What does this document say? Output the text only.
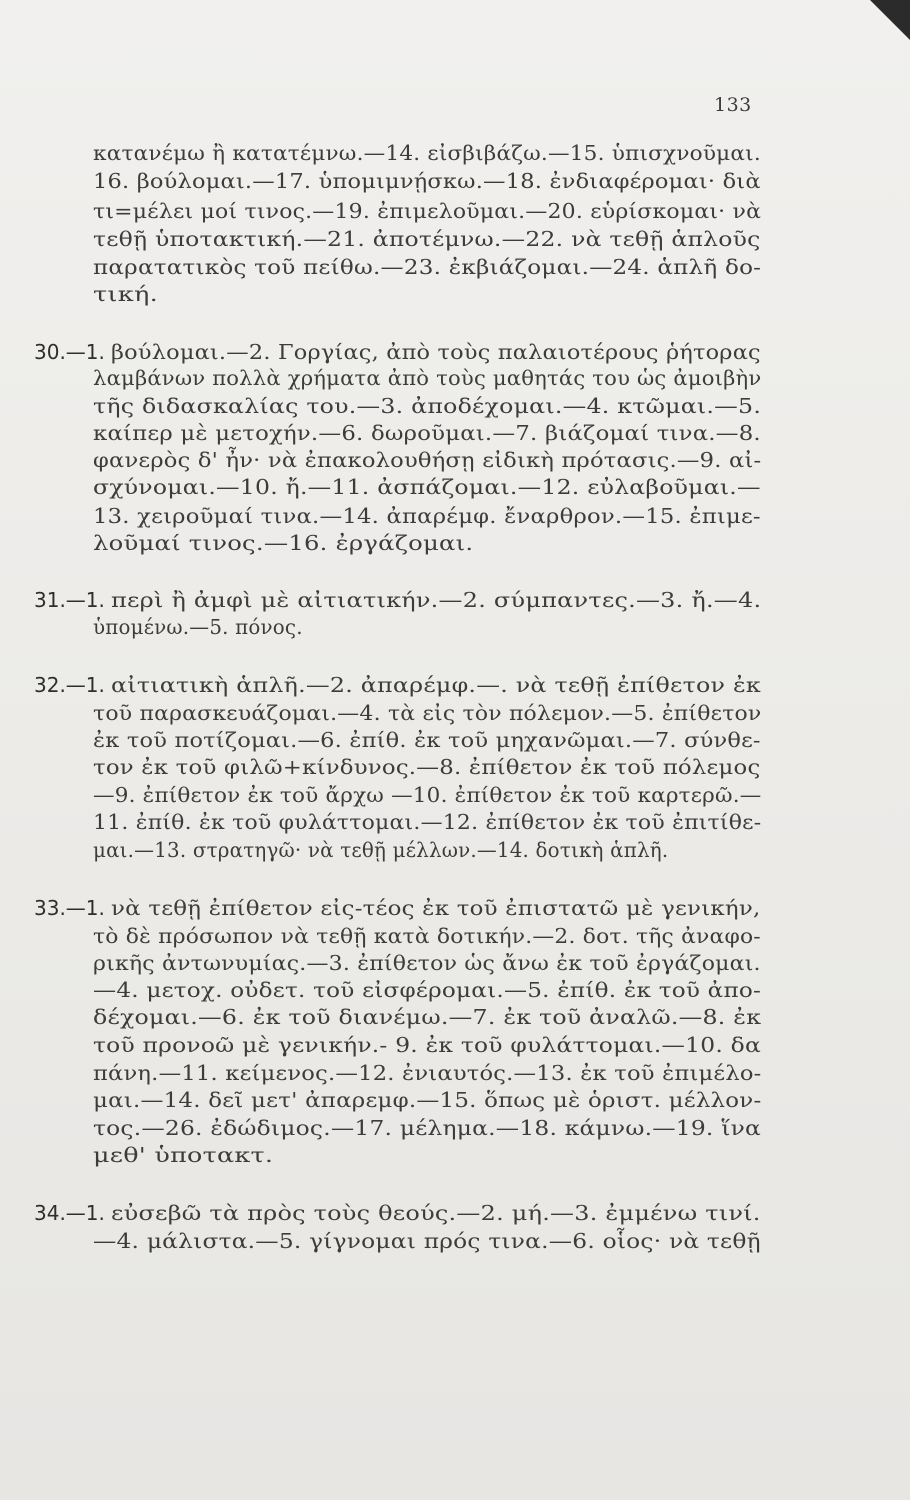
133
κατανέμω ἢ κατατέμνω.—14. εἰσβιβάζω.—15. ὑπισχνοῦμαι.
16. βούλομαι.—17. ὑπομιμνῄσκω.—18. ἐνδιαφέρομαι· διὰ
τι=μέλει μοί τινος.—19. ἐπιμελοῦμαι.—20. εὑρίσκομαι· νὰ
τεθῇ ὑποτακτική.—21. ἀποτέμνω.—22. νὰ τεθῇ ἁπλοῦς
παρατατικὸς τοῦ πείθω.—23. ἐκβιάζομαι.—24. ἁπλῆ δο-
τική.
βούλομαι.—2. Γοργίας, ἀπὸ τοὺς παλαιοτέρους ῥήτορας
λαμβάνων πολλὰ χρήματα ἀπὸ τοὺς μαθητάς του ὡς ἀμοιβὴν
τῆς διδασκαλίας του.—3. ἀποδέχομαι.—4. κτῶμαι.—5.
καίπερ μὲ μετοχήν.—6. δωροῦμαι.—7. βιάζομαί τινα.—8.
φανερὸς δ' ἦν· νὰ ἐπακολουθήσῃ εἰδικὴ πρότασις.—9. αἰ-
σχύνομαι.—10. ἤ.—11. ἀσπάζομαι.—12. εὐλαβοῦμαι.—
13. χειροῦμαί τινα.—14. ἀπαρέμφ. ἔναρθρον.—15. ἐπιμε-
λοῦμαί τινος.—16. ἐργάζομαι.
περὶ ἢ ἀμφὶ μὲ αἰτιατικήν.—2. σύμπαντες.—3. ἤ.—4.
ὑπομένω.—5. πόνος.
αἰτιατικὴ ἁπλῆ.—2. ἀπαρέμφ.—. νὰ τεθῇ ἐπίθετον ἐκ
τοῦ παρασκευάζομαι.—4. τὰ εἰς τὸν πόλεμον.—5. ἐπίθετον
ἐκ τοῦ ποτίζομαι.—6. ἐπίθ. ἐκ τοῦ μηχανῶμαι.—7. σύνθε-
τον ἐκ τοῦ φιλῶ+κίνδυνος.—8. ἐπίθετον ἐκ τοῦ πόλεμος
—9. ἐπίθετον ἐκ τοῦ ἄρχω —10. ἐπίθετον ἐκ τοῦ καρτερῶ.—
11. ἐπίθ. ἐκ τοῦ φυλάττομαι.—12. ἐπίθετον ἐκ τοῦ ἐπιτίθε-
μαι.—13. στρατηγῶ· νὰ τεθῇ μέλλων.—14. δοτικὴ ἁπλῆ.
νὰ τεθῇ ἐπίθετον εἰς-τέος ἐκ τοῦ ἐπιστατῶ μὲ γενικήν,
τὸ δὲ πρόσωπον νὰ τεθῇ κατὰ δοτικήν.—2. δοτ. τῆς ἀναφο-
ρικῆς ἀντωνυμίας.—3. ἐπίθετον ὡς ἄνω ἐκ τοῦ ἐργάζομαι.
—4. μετοχ. οὐδετ. τοῦ εἰσφέρομαι.—5. ἐπίθ. ἐκ τοῦ ἀπο-
δέχομαι.—6. ἐκ τοῦ διανέμω.—7. ἐκ τοῦ ἀναλῶ.—8. ἐκ
τοῦ προνοῶ μὲ γενικήν.- 9. ἐκ τοῦ φυλάττομαι.—10. δα
πάνη.—11. κείμενος.—12. ἐνιαυτός.—13. ἐκ τοῦ ἐπιμέλο-
μαι.—14. δεῖ μετ' ἀπαρεμφ.—15. ὅπως μὲ ὁριστ. μέλλον-
τος.—26. ἐδώδιμος.—17. μέλημα.—18. κάμνω.—19. ἵνα
μεθ' ὑποτακτ.
εὐσεβῶ τὰ πρὸς τοὺς θεούς.—2. μή.—3. ἐμμένω τινί.
—4. μάλιστα.—5. γίγνομαι πρός τινα.—6. οἷος· νὰ τεθῇ
30.—1.
31.—1.
32.—1.
33.—1.
34.—1.
